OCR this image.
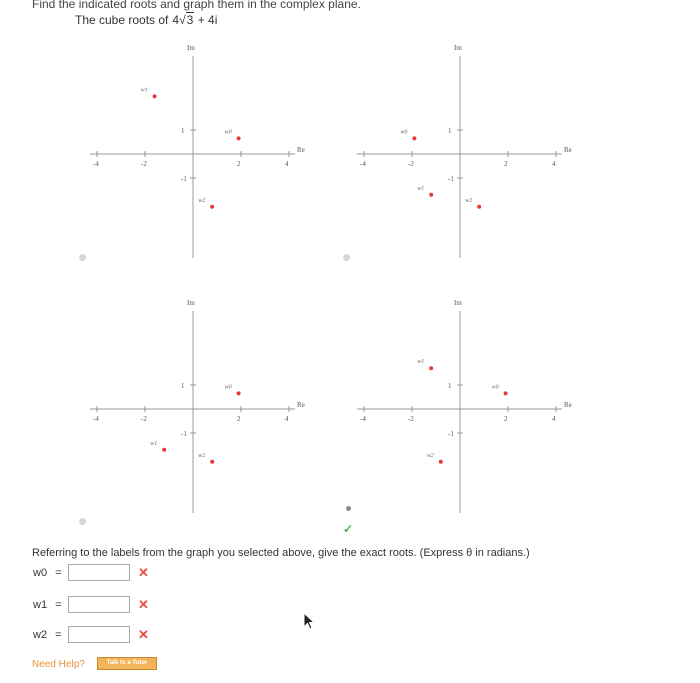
Find the indicated roots and graph them in the complex plane.
The cube roots of 4√3 + 4i
Re
Im
-4	-2	2	4
1
-1
w0
w1
w2
Re
Im
-4	-2	2	4
1
-1
w0
w1
w2
Re
Im
-4	-2	2	4
1
-1
w0
w1
w2
Re
Im
-4	-2	2	4
1
-1
w0
w1
w2
✓
Referring to the labels from the graph you selected above, give the exact roots. (Express θ in radians.)
w0 =	✕
w1 =	✕
w2 =	✕
Need Help?	Talk to a Tutor
